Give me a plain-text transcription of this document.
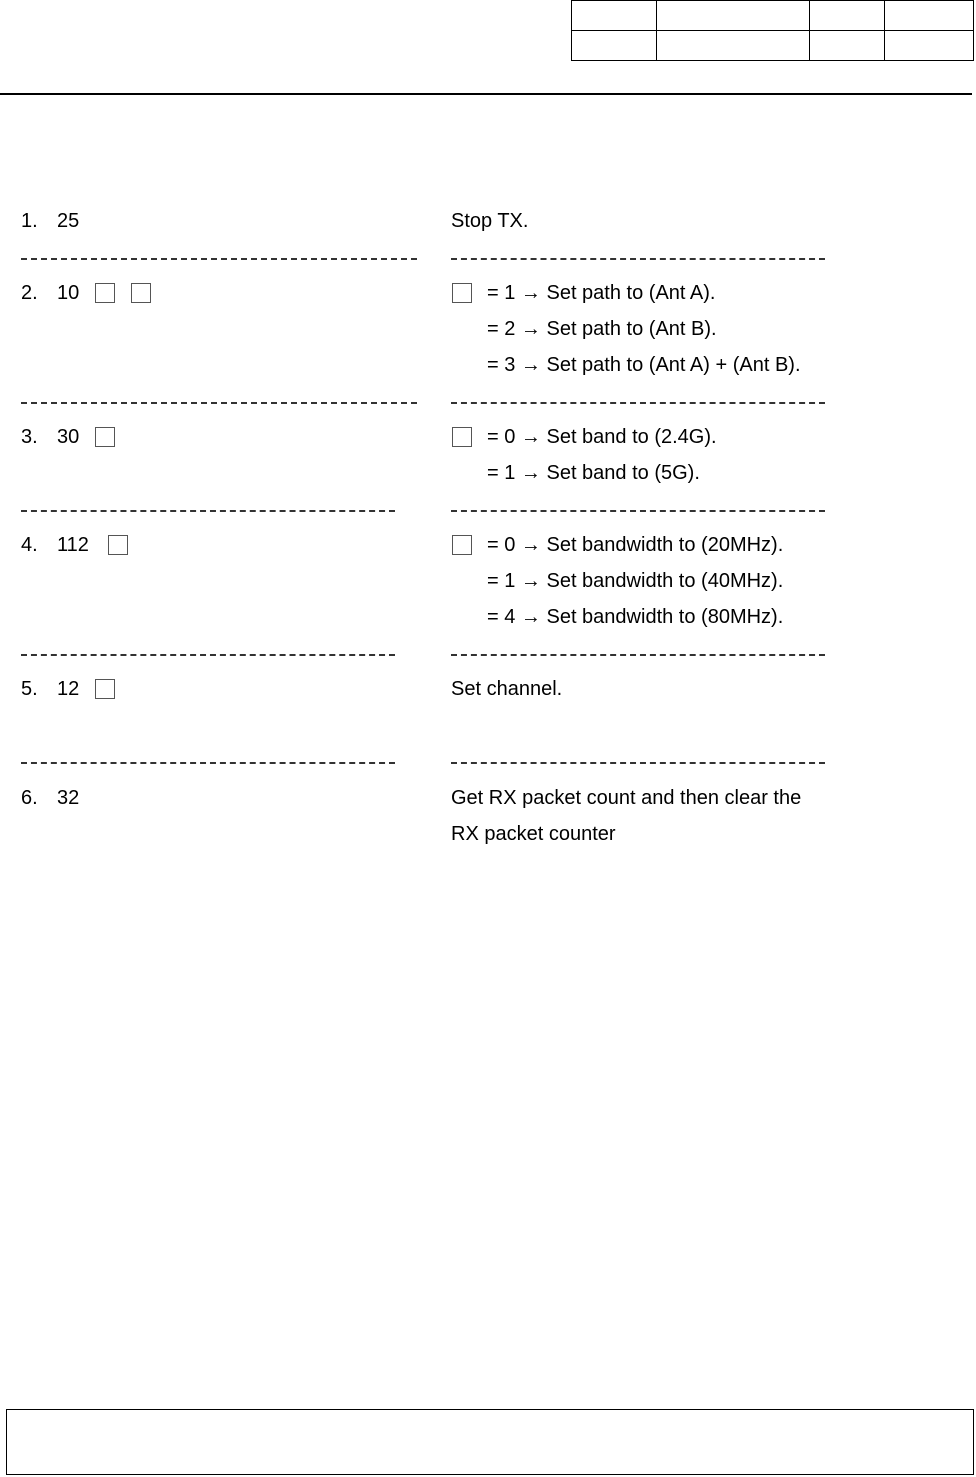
1. 25	Stop TX.
2. 10	= 1 → Set path to (Ant A).
= 2 → Set path to (Ant B).
= 3 → Set path to (Ant A) + (Ant B).
3. 30	= 0 → Set band to (2.4G).
= 1 → Set band to (5G).
4. 112	= 0 → Set bandwidth to (20MHz).
= 1 → Set bandwidth to (40MHz).
= 4 → Set bandwidth to (80MHz).
5. 12	Set channel.
6. 32	Get RX packet count and then clear the
RX packet counter
